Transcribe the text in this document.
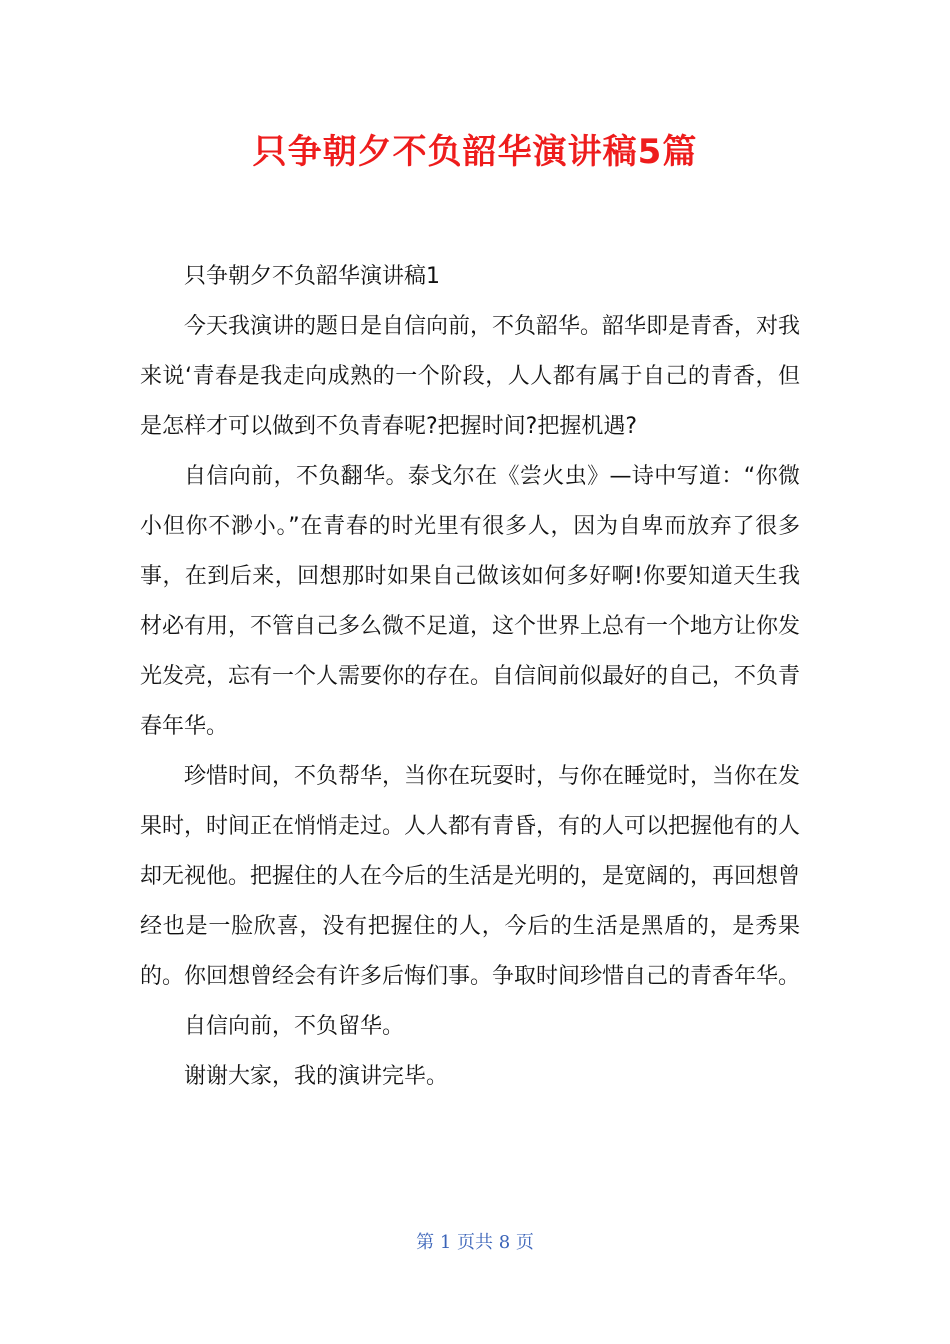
只争朝夕不负韶华演讲稿5篇

只争朝夕不负韶华演讲稿1

今天我演讲的题日是自信向前，不负韶华。韶华即是青香，对我来说‘青春是我走向成熟的一个阶段，人人都有属于自己的青香，但是怎样才可以做到不负青春呢?把握时间?把握机遇?

自信向前，不负翻华。泰戈尔在《尝火虫》—诗中写道：“你微小但你不渺小。”在青春的时光里有很多人，因为自卑而放弃了很多事，在到后来，回想那时如果自己做该如何多好啊!你要知道天生我材必有用，不管自己多么微不足道，这个世界上总有一个地方让你发光发亮，忘有一个人需要你的存在。自信间前似最好的自己，不负青春年华。

珍惜时间，不负帮华，当你在玩耍时，与你在睡觉时，当你在发果时，时间正在悄悄走过。人人都有青昏，有的人可以把握他有的人却无视他。把握住的人在今后的生活是光明的，是宽阔的，再回想曾经也是一脸欣喜，没有把握住的人，今后的生活是黑盾的，是秀果的。你回想曾经会有许多后悔们事。争取时间珍惜自己的青香年华。

自信向前，不负留华。

谢谢大家，我的演讲完毕。

第 1 页共 8 页
